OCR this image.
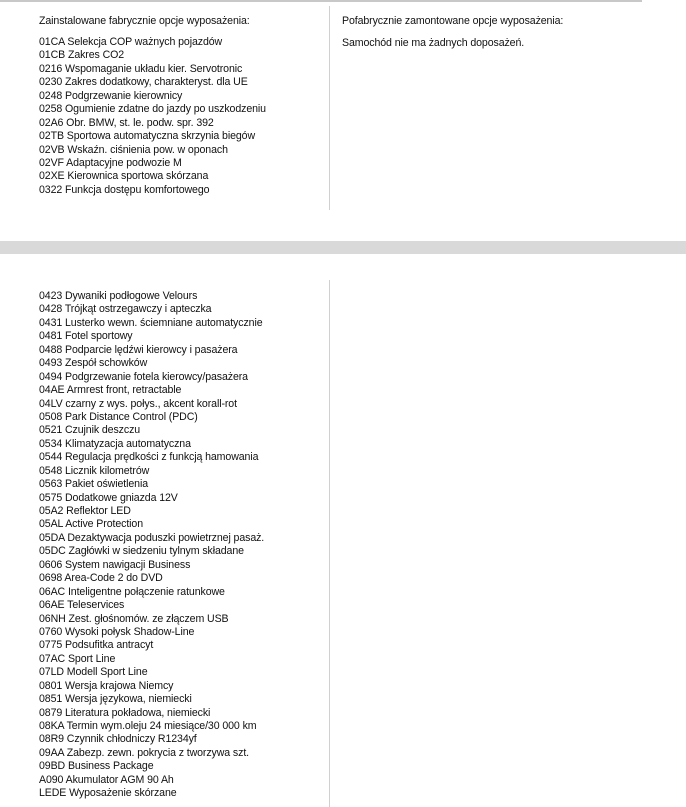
Zainstalowane fabrycznie opcje wyposażenia:	Pofabrycznie zamontowane opcje wyposażenia:
01CA Selekcja COP ważnych pojazdów
01CB Zakres CO2
0216 Wspomaganie układu kier. Servotronic
0230 Zakres dodatkowy, charakteryst. dla UE
0248 Podgrzewanie kierownicy
0258 Ogumienie zdatne do jazdy po uszkodzeniu
02A6 Obr. BMW, st. le. podw. spr. 392
02TB Sportowa automatyczna skrzynia biegów
02VB Wskaźn. ciśnienia pow. w oponach
02VF Adaptacyjne podwozie M
02XE Kierownica sportowa skórzana
0322 Funkcja dostępu komfortowego
Samochód nie ma żadnych doposażeń.
0423 Dywaniki podłogowe Velours
0428 Trójkąt ostrzegawczy i apteczka
0431 Lusterko wewn. ściemniane automatycznie
0481 Fotel sportowy
0488 Podparcie lędźwi kierowcy i pasażera
0493 Zespół schowków
0494 Podgrzewanie fotela kierowcy/pasażera
04AE Armrest front, retractable
04LV czarny z wys. połys., akcent korall-rot
0508 Park Distance Control (PDC)
0521 Czujnik deszczu
0534 Klimatyzacja automatyczna
0544 Regulacja prędkości z funkcją hamowania
0548 Licznik kilometrów
0563 Pakiet oświetlenia
0575 Dodatkowe gniazda 12V
05A2 Reflektor LED
05AL Active Protection
05DA Dezaktywacja poduszki powietrznej pasaż.
05DC Zagłówki w siedzeniu tylnym składane
0606 System nawigacji Business
0698 Area-Code 2 do DVD
06AC Inteligentne połączenie ratunkowe
06AE Teleservices
06NH Zest. głośnomów. ze złączem USB
0760 Wysoki połysk Shadow-Line
0775 Podsufitka antracyt
07AC Sport Line
07LD Modell Sport Line
0801 Wersja krajowa Niemcy
0851 Wersja językowa, niemiecki
0879 Literatura pokładowa, niemiecki
08KA Termin wym.oleju 24 miesiące/30 000 km
08R9 Czynnik chłodniczy R1234yf
09AA Zabezp. zewn. pokrycia z tworzywa szt.
09BD Business Package
A090 Akumulator AGM 90 Ah
LEDE Wyposażenie skórzane
